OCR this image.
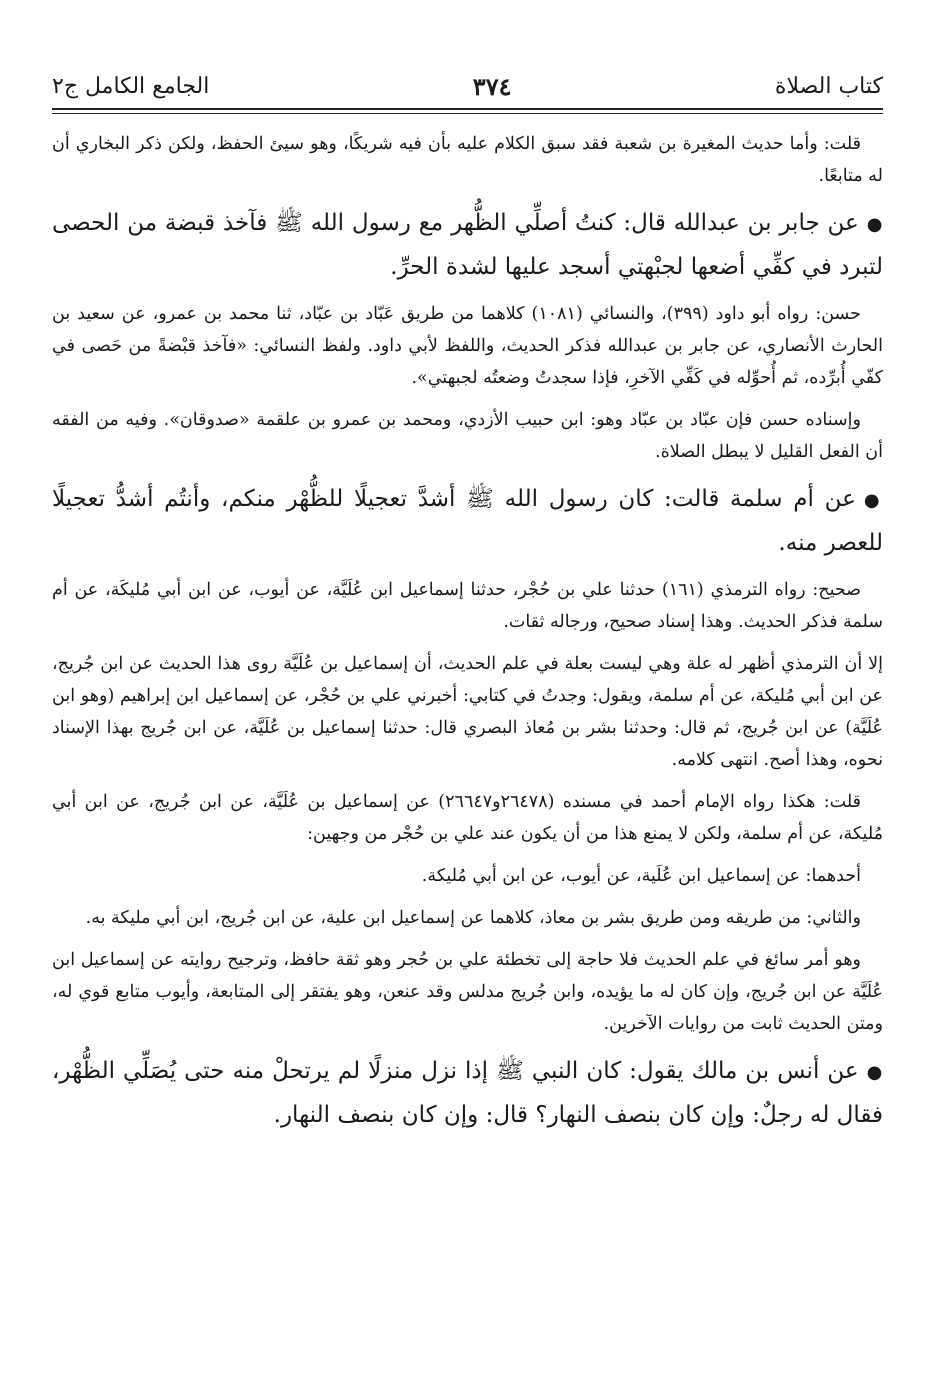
كتاب الصلاة
٣٧٤
الجامع الكامل ج٢

قلت: وأما حديث المغيرة بن شعبة فقد سبق الكلام عليه بأن فيه شريكًا، وهو سيئ الحفظ، ولكن ذكر البخاري أن له متابعًا.

●عن جابر بن عبدالله قال: كنتُ أصلِّي الظُّهر مع رسول الله ﷺ فآخذ قبضة من الحصى لتبرد في كفِّي أضعها لجبْهتي أسجد عليها لشدة الحرِّ.

حسن: رواه أبو داود (٣٩٩)، والنسائي (١٠٨١) كلاهما من طريق عَبّاد بن عبّاد، ثنا محمد بن عمرو، عن سعيد بن الحارث الأنصاري، عن جابر بن عبدالله فذكر الحديث، واللفظ لأبي داود. ولفظ النسائي: «فآخذ قبْضةً من حَصى في كفّي أُبرِّده، ثم أُحوِّله في كَفِّي الآخرِ، فإذا سجدتُ وضعتُه لجبهتي».

وإسناده حسن فإن عبّاد بن عبّاد وهو: ابن حبيب الأزدي، ومحمد بن عمرو بن علقمة «صدوقان». وفيه من الفقه أن الفعل القليل لا يبطل الصلاة.

●عن أم سلمة قالت: كان رسول الله ﷺ أشدَّ تعجيلًا للظُّهْر منكم، وأنتُم أشدُّ تعجيلًا للعصر منه.

صحيح: رواه الترمذي (١٦١) حدثنا علي بن حُجْر، حدثنا إسماعيل ابن عُلَيَّة، عن أيوب، عن ابن أبي مُليكَة، عن أم سلمة فذكر الحديث. وهذا إسناد صحيح، ورجاله ثقات.

إلا أن الترمذي أظهر له علة وهي ليست بعلة في علم الحديث، أن إسماعيل بن عُلَيَّة روى هذا الحديث عن ابن جُريج، عن ابن أبي مُليكة، عن أم سلمة، ويقول: وجدتُ في كتابي: أخبرني علي بن حُجْر، عن إسماعيل ابن إبراهيم (وهو ابن عُلَيَّة) عن ابن جُريج، ثم قال: وحدثنا بشر بن مُعاذ البصري قال: حدثنا إسماعيل بن عُلَيَّة، عن ابن جُريج بهذا الإسناد نحوه، وهذا أصح. انتهى كلامه.

قلت: هكذا رواه الإمام أحمد في مسنده (٢٦٤٧٨و٢٦٦٤٧) عن إسماعيل بن عُلَيَّة، عن ابن جُريج، عن ابن أبي مُليكة، عن أم سلمة، ولكن لا يمنع هذا من أن يكون عند علي بن حُجْر من وجهين:

أحدهما: عن إسماعيل ابن عُلَية، عن أيوب، عن ابن أبي مُليكة.

والثاني: من طريقه ومن طريق بشر بن معاذ، كلاهما عن إسماعيل ابن علية، عن ابن جُريج، ابن أبي مليكة به.

وهو أمر سائغ في علم الحديث فلا حاجة إلى تخطئة علي بن حُجر وهو ثقة حافظ، وترجيح روايته عن إسماعيل ابن عُلَيَّة عن ابن جُريج، وإن كان له ما يؤيده، وابن جُريج مدلس وقد عنعن، وهو يفتقر إلى المتابعة، وأيوب متابع قوي له، ومتن الحديث ثابت من روايات الآخرين.

●عن أنس بن مالك يقول: كان النبي ﷺ إذا نزل منزلًا لم يرتحلْ منه حتى يُصَلِّي الظُّهْر، فقال له رجلٌ: وإن كان بنصف النهار؟ قال: وإن كان بنصف النهار.
